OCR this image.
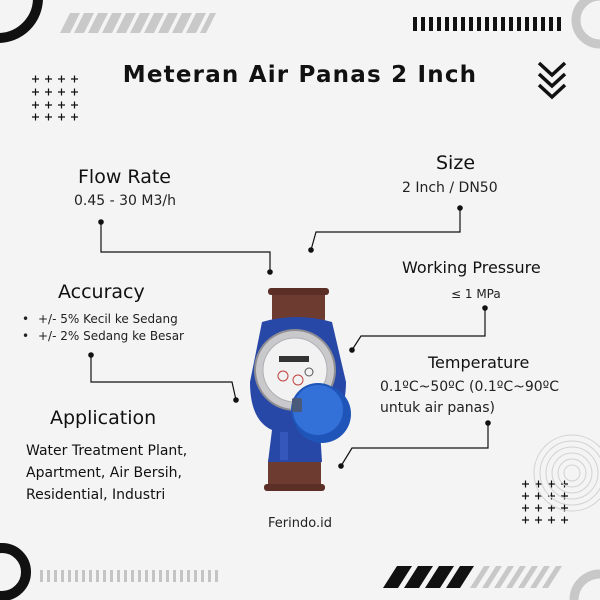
Meteran Air Panas 2 Inch
Flow Rate
0.45 - 30 M3/h
Size
2 Inch / DN50
Accuracy
• +/- 5% Kecil ke Sedang
• +/- 2% Sedang ke Besar
Working Pressure
≤ 1 MPa
Temperature
0.1ºC~50ºC (0.1ºC~90ºC
untuk air panas)
Application
Water Treatment Plant,
Apartment, Air Bersih,
Residential, Industri
Ferindo.id
